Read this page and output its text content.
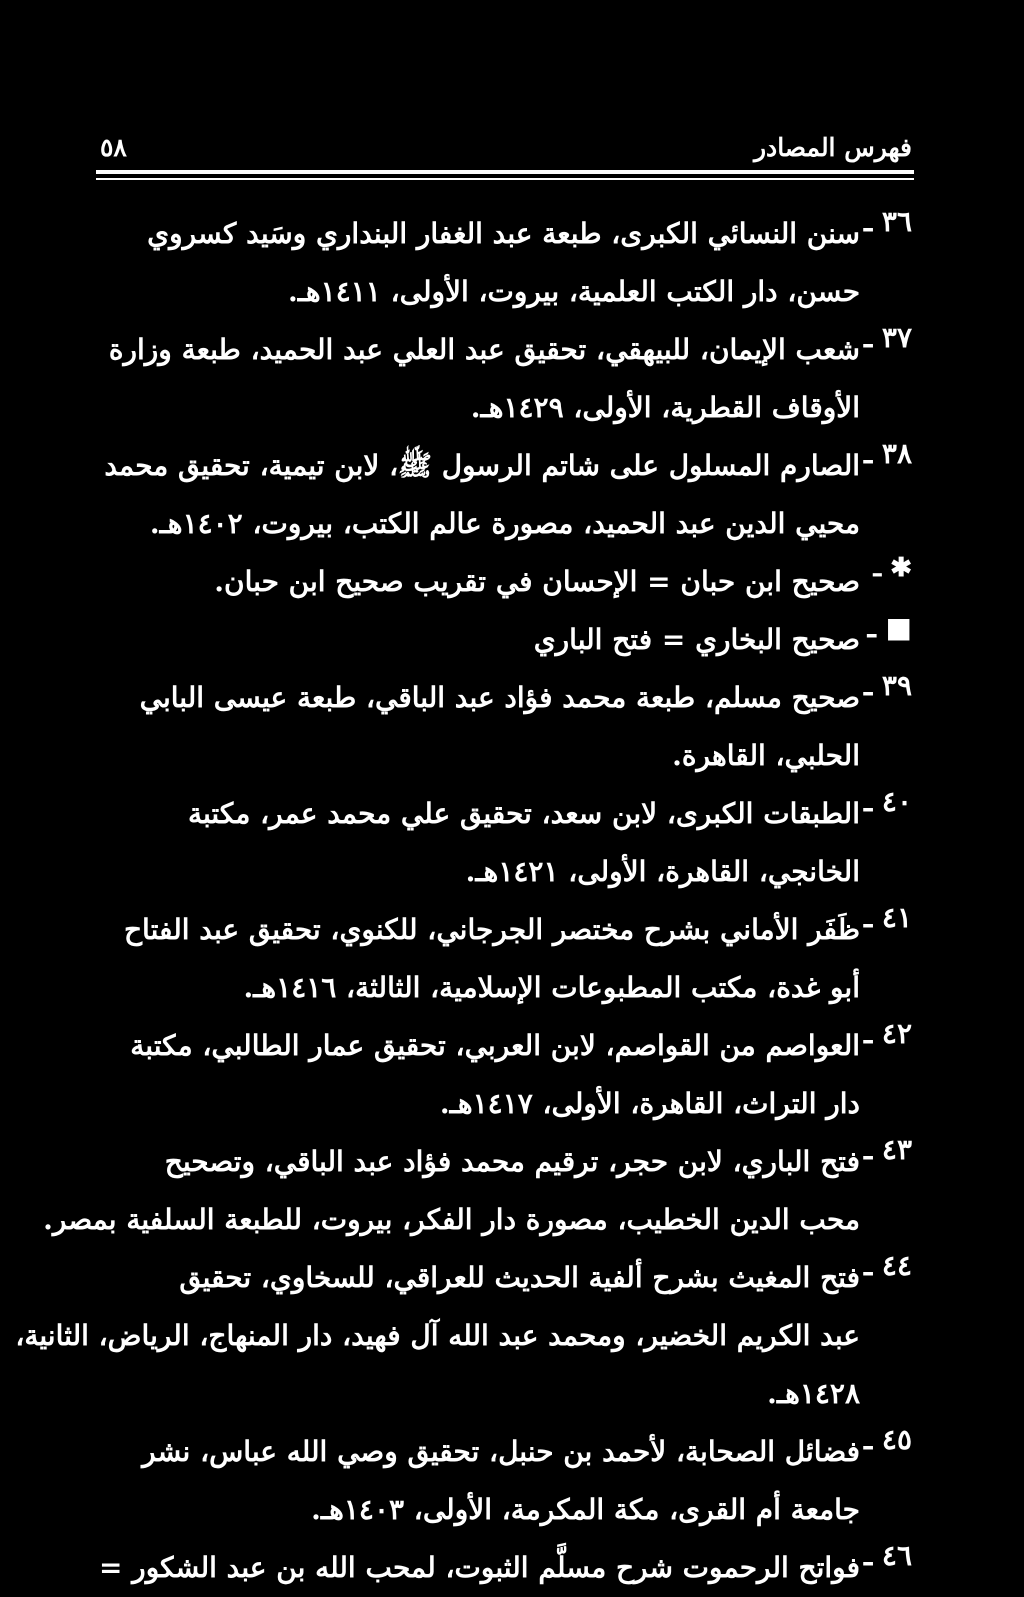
فهرس المصادر
٥٨
٣٦ ـ
سنن النسائي الكبرى، طبعة عبد الغفار البنداري وسَيد كسروي
حسن، دار الكتب العلمية، بيروت، الأولى، ١٤١١هـ.
٣٧ ـ
شعب الإيمان، للبيهقي، تحقيق عبد العلي عبد الحميد، طبعة وزارة
الأوقاف القطرية، الأولى، ١٤٢٩هـ.
٣٨ ـ
الصارم المسلول على شاتم الرسول ﷺ، لابن تيمية، تحقيق محمد
محيي الدين عبد الحميد، مصورة عالم الكتب، بيروت، ١٤٠٢هـ.
✱ ـ
صحيح ابن حبان = الإحسان في تقريب صحيح ابن حبان.
■ ـ
صحيح البخاري = فتح الباري
٣٩ ـ
صحيح مسلم، طبعة محمد فؤاد عبد الباقي، طبعة عيسى البابي
الحلبي، القاهرة.
٤٠ ـ
الطبقات الكبرى، لابن سعد، تحقيق علي محمد عمر، مكتبة
الخانجي، القاهرة، الأولى، ١٤٢١هـ.
٤١ ـ
ظَفَر الأماني بشرح مختصر الجرجاني، للكنوي، تحقيق عبد الفتاح
أبو غدة، مكتب المطبوعات الإسلامية، الثالثة، ١٤١٦هـ.
٤٢ ـ
العواصم من القواصم، لابن العربي، تحقيق عمار الطالبي، مكتبة
دار التراث، القاهرة، الأولى، ١٤١٧هـ.
٤٣ ـ
فتح الباري، لابن حجر، ترقيم محمد فؤاد عبد الباقي، وتصحيح
محب الدين الخطيب، مصورة دار الفكر، بيروت، للطبعة السلفية بمصر.
٤٤ ـ
فتح المغيث بشرح ألفية الحديث للعراقي، للسخاوي، تحقيق
عبد الكريم الخضير، ومحمد عبد الله آل فهيد، دار المنهاج، الرياض، الثانية،
١٤٢٨هـ.
٤٥ ـ
فضائل الصحابة، لأحمد بن حنبل، تحقيق وصي الله عباس، نشر
جامعة أم القرى، مكة المكرمة، الأولى، ١٤٠٣هـ.
٤٦ ـ
فواتح الرحموت شرح مسلَّم الثبوت، لمحب الله بن عبد الشكور =
